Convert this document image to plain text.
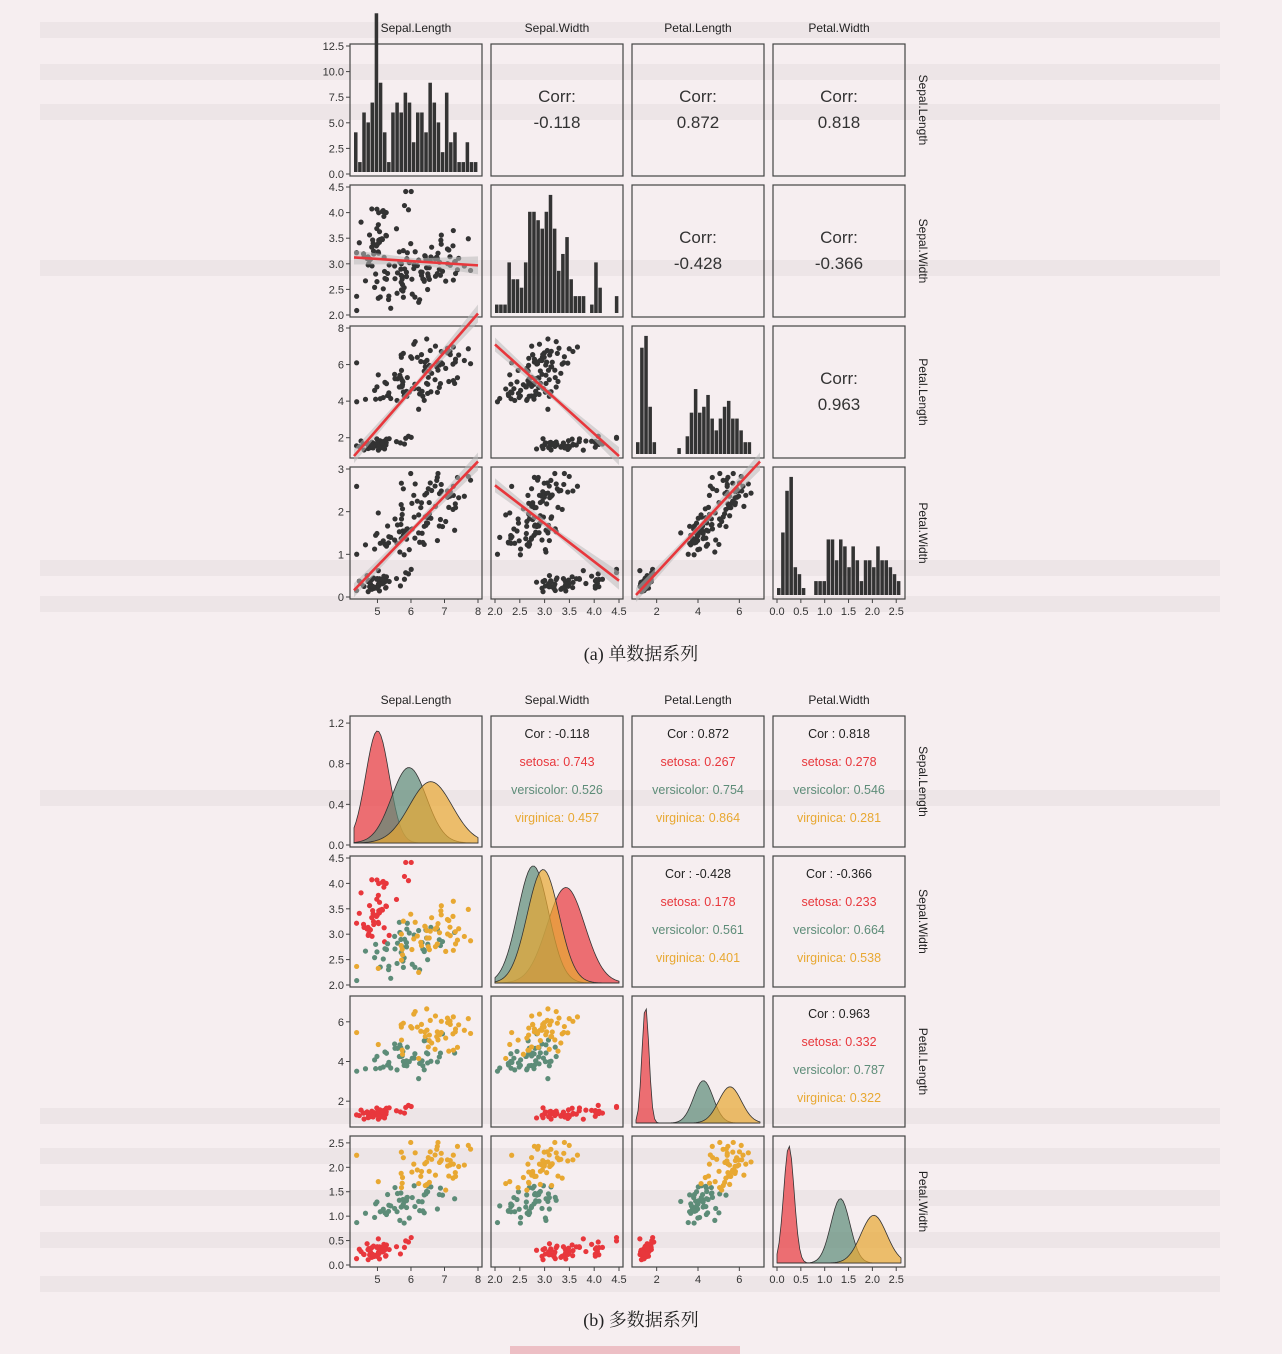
Sepal.Length
Sepal.Length
Sepal.Width
Sepal.Width
Petal.Length
Petal.Length
Petal.Width
Petal.Width
5 6 7 8 2.0 2.5 3.0 3.5 4.0 4.5 2	4	6 0.0 0.5 1.0 1.5 2.0 2.5
0.0
2.5
5.0
7.5
10.0
12.5
2.0
2.5
3.0
3.5
4.0
4.5
2
4
6
8
0
1
2
3
Corr:
-0.118
Corr:
0.872
Corr:
0.818
Corr:
-0.428
Corr:
-0.366
Corr:
0.963
(a) 单数据系列
Sepal.Length
Sepal.Length
Sepal.Width
Sepal.Width
Petal.Length
Petal.Length
Petal.Width
Petal.Width
5 6 7 8 2.0 2.5 3.0 3.5 4.0 4.5 2	4	6 0.0 0.5 1.0 1.5 2.0 2.5
0.0
0.4
0.8
1.2
2.0
2.5
3.0
3.5
4.0
4.5
2
4
6
0.0
0.5
1.0
1.5
2.0
2.5
Cor : -0.118
setosa: 0.743
versicolor: 0.526
virginica: 0.457
Cor : 0.872
setosa: 0.267
versicolor: 0.754
virginica: 0.864
Cor : 0.818
setosa: 0.278
versicolor: 0.546
virginica: 0.281
Cor : -0.428
setosa: 0.178
versicolor: 0.561
virginica: 0.401
Cor : -0.366
setosa: 0.233
versicolor: 0.664
virginica: 0.538
Cor : 0.963
setosa: 0.332
versicolor: 0.787
virginica: 0.322
(b) 多数据系列
